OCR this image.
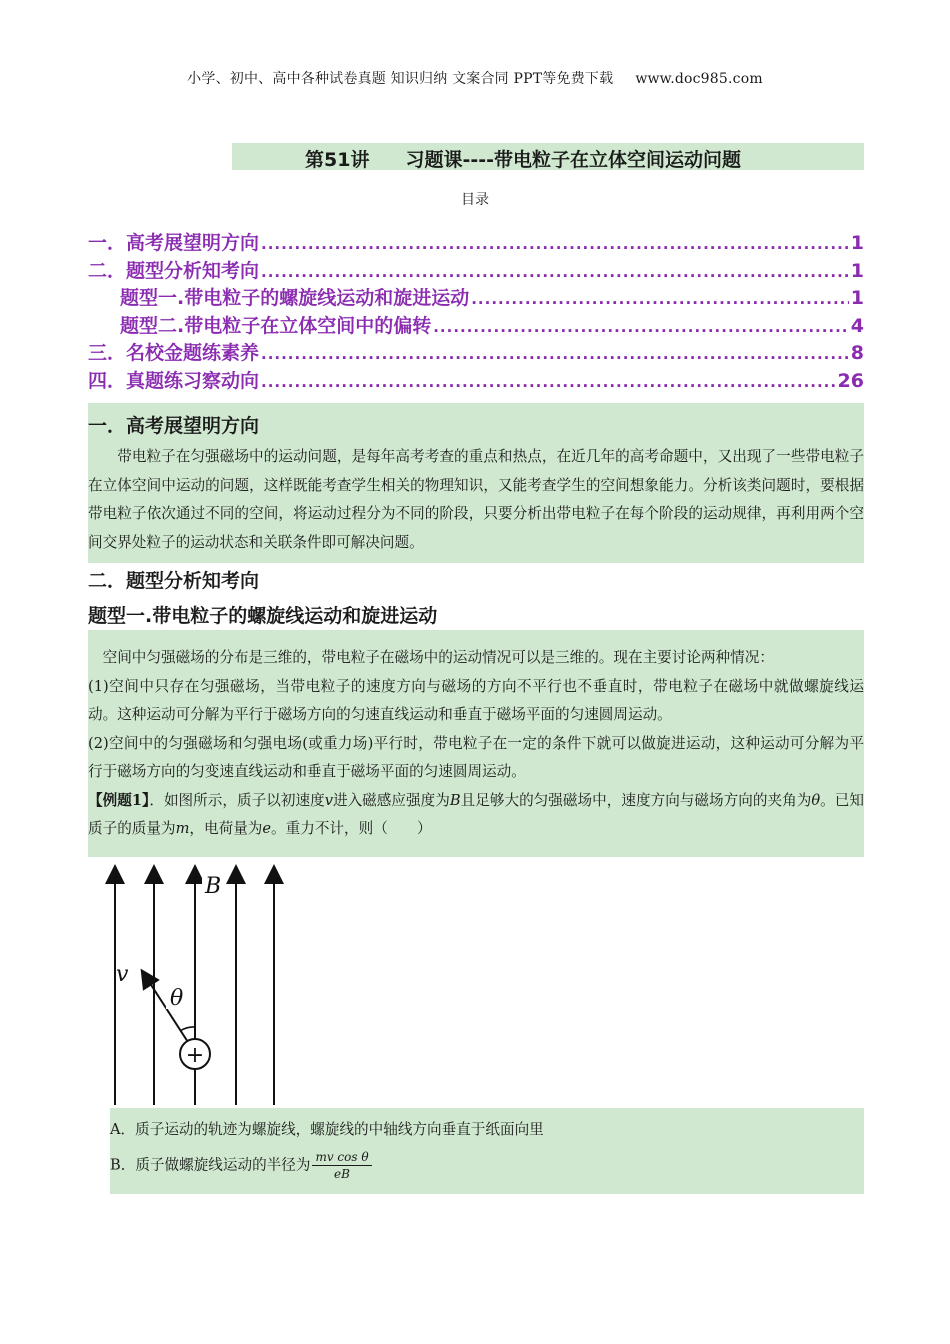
小学、初中、高中各种试卷真题 知识归纳 文案合同 PPT等免费下载 www.doc985.com
第51讲 习题课----带电粒子在立体空间运动问题
目录
一．高考展望明方向 .....	1
二．题型分析知考向 .....	1
题型一.带电粒子的螺旋线运动和旋进运动 .....	1
题型二.带电粒子在立体空间中的偏转 .....	4
三．名校金题练素养 .....	8
四．真题练习察动向 .....	26
一．高考展望明方向

带电粒子在匀强磁场中的运动问题，是每年高考考查的重点和热点，在近几年的高考命题中，又出现了一些带电粒子在立体空间中运动的问题，这样既能考查学生相关的物理知识，又能考查学生的空间想象能力。分析该类问题时，要根据带电粒子依次通过不同的空间，将运动过程分为不同的阶段，只要分析出带电粒子在每个阶段的运动规律，再利用两个空间交界处粒子的运动状态和关联条件即可解决问题。

二．题型分析知考向
题型一.带电粒子的螺旋线运动和旋进运动

空间中匀强磁场的分布是三维的，带电粒子在磁场中的运动情况可以是三维的。现在主要讨论两种情况：

(1)空间中只存在匀强磁场，当带电粒子的速度方向与磁场的方向不平行也不垂直时，带电粒子在磁场中就做螺旋线运动。这种运动可分解为平行于磁场方向的匀速直线运动和垂直于磁场平面的匀速圆周运动。

(2)空间中的匀强磁场和匀强电场(或重力场)平行时，带电粒子在一定的条件下就可以做旋进运动，这种运动可分解为平行于磁场方向的匀变速直线运动和垂直于磁场平面的匀速圆周运动。

【例题1】．如图所示，质子以初速度v进入磁感应强度为B且足够大的匀强磁场中，速度方向与磁场方向的夹角为θ。已知质子的质量为m，电荷量为e。重力不计，则（　　）

B
v
θ
+
A．质子运动的轨迹为螺旋线，螺旋线的中轴线方向垂直于纸面向里
B．质子做螺旋线运动的半径为 $\frac{\text{mv cos θ}}{eB}$
